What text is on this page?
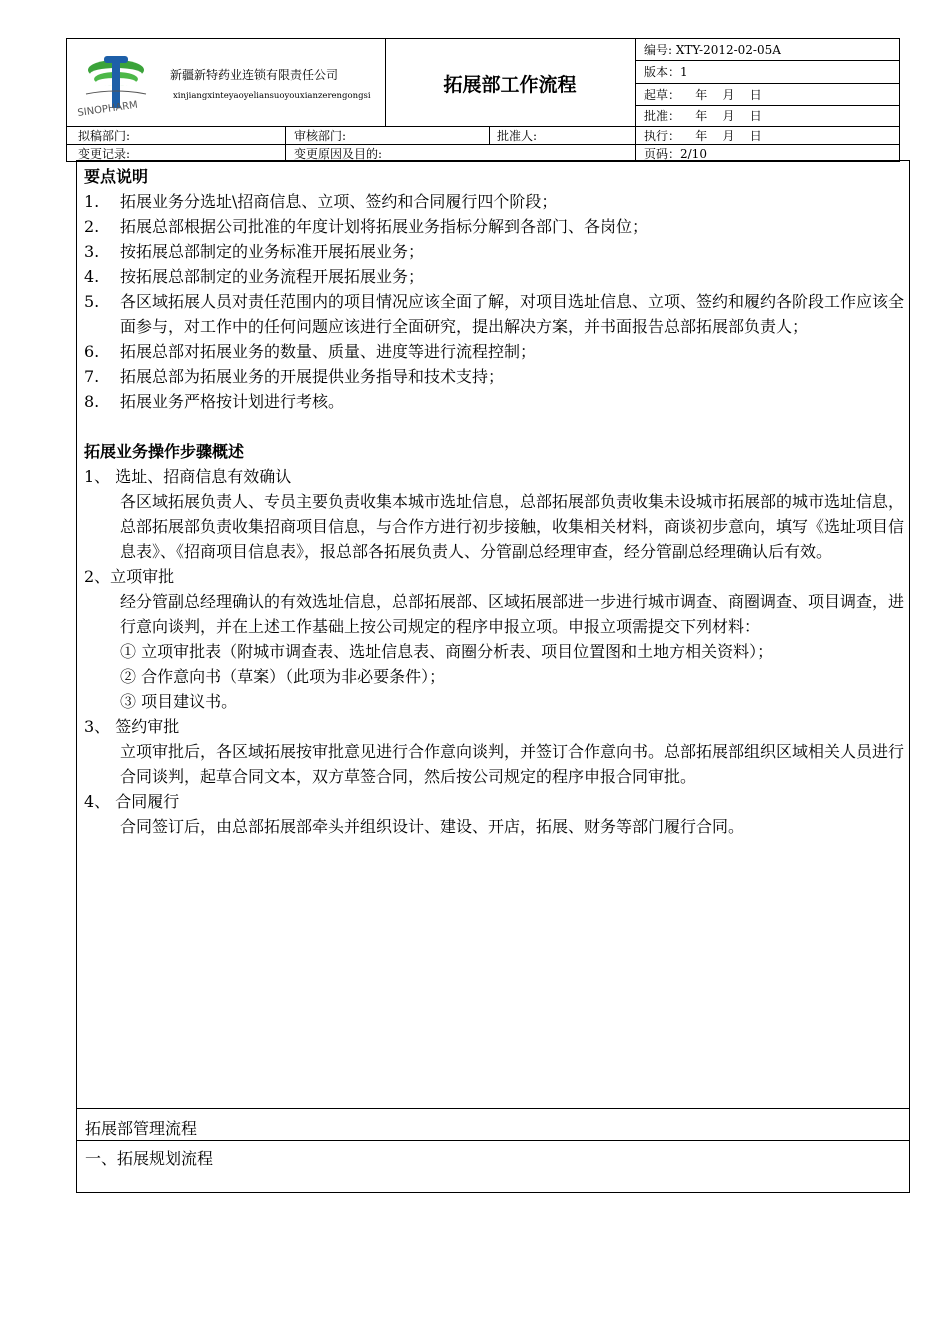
SINOPHARM
新疆新特药业连锁有限责任公司
xinjiangxinteyaoyeliansuoyouxianzerengongsi	拓展部工作流程
编号: XTY-2012-02-05A
版本：1
起草：    年    月    日
批准：    年    月    日
执行：    年    月    日
页码：2/10
拟稿部门:	审核部门:	批准人:
变更记录:	变更原因及目的:
要点说明
1. 拓展业务分选址\招商信息、立项、签约和合同履行四个阶段；
2. 拓展总部根据公司批准的年度计划将拓展业务指标分解到各部门、各岗位；
3. 按拓展总部制定的业务标准开展拓展业务；
4. 按拓展总部制定的业务流程开展拓展业务；
5. 各区域拓展人员对责任范围内的项目情况应该全面了解，对项目选址信息、立项、签约和履约各阶段工作应该全面参与，对工作中的任何问题应该进行全面研究，提出解决方案，并书面报告总部拓展部负责人；
6. 拓展总部对拓展业务的数量、质量、进度等进行流程控制；
7. 拓展总部为拓展业务的开展提供业务指导和技术支持；
8. 拓展业务严格按计划进行考核。
拓展业务操作步骤概述
1、 选址、招商信息有效确认
各区域拓展负责人、专员主要负责收集本城市选址信息，总部拓展部负责收集未设城市拓展部的城市选址信息，总部拓展部负责收集招商项目信息，与合作方进行初步接触，收集相关材料，商谈初步意向，填写《选址项目信息表》、《招商项目信息表》，报总部各拓展负责人、分管副总经理审查，经分管副总经理确认后有效。
2、立项审批
经分管副总经理确认的有效选址信息，总部拓展部、区域拓展部进一步进行城市调查、商圈调查、项目调查，进行意向谈判，并在上述工作基础上按公司规定的程序申报立项。申报立项需提交下列材料：
① 立项审批表（附城市调查表、选址信息表、商圈分析表、项目位置图和土地方相关资料）；
② 合作意向书（草案）（此项为非必要条件）；
③ 项目建议书。
3、 签约审批
立项审批后，各区域拓展按审批意见进行合作意向谈判，并签订合作意向书。总部拓展部组织区域相关人员进行合同谈判，起草合同文本，双方草签合同，然后按公司规定的程序申报合同审批。
4、 合同履行
合同签订后，由总部拓展部牵头并组织设计、建设、开店，拓展、财务等部门履行合同。
拓展部管理流程
一、拓展规划流程
